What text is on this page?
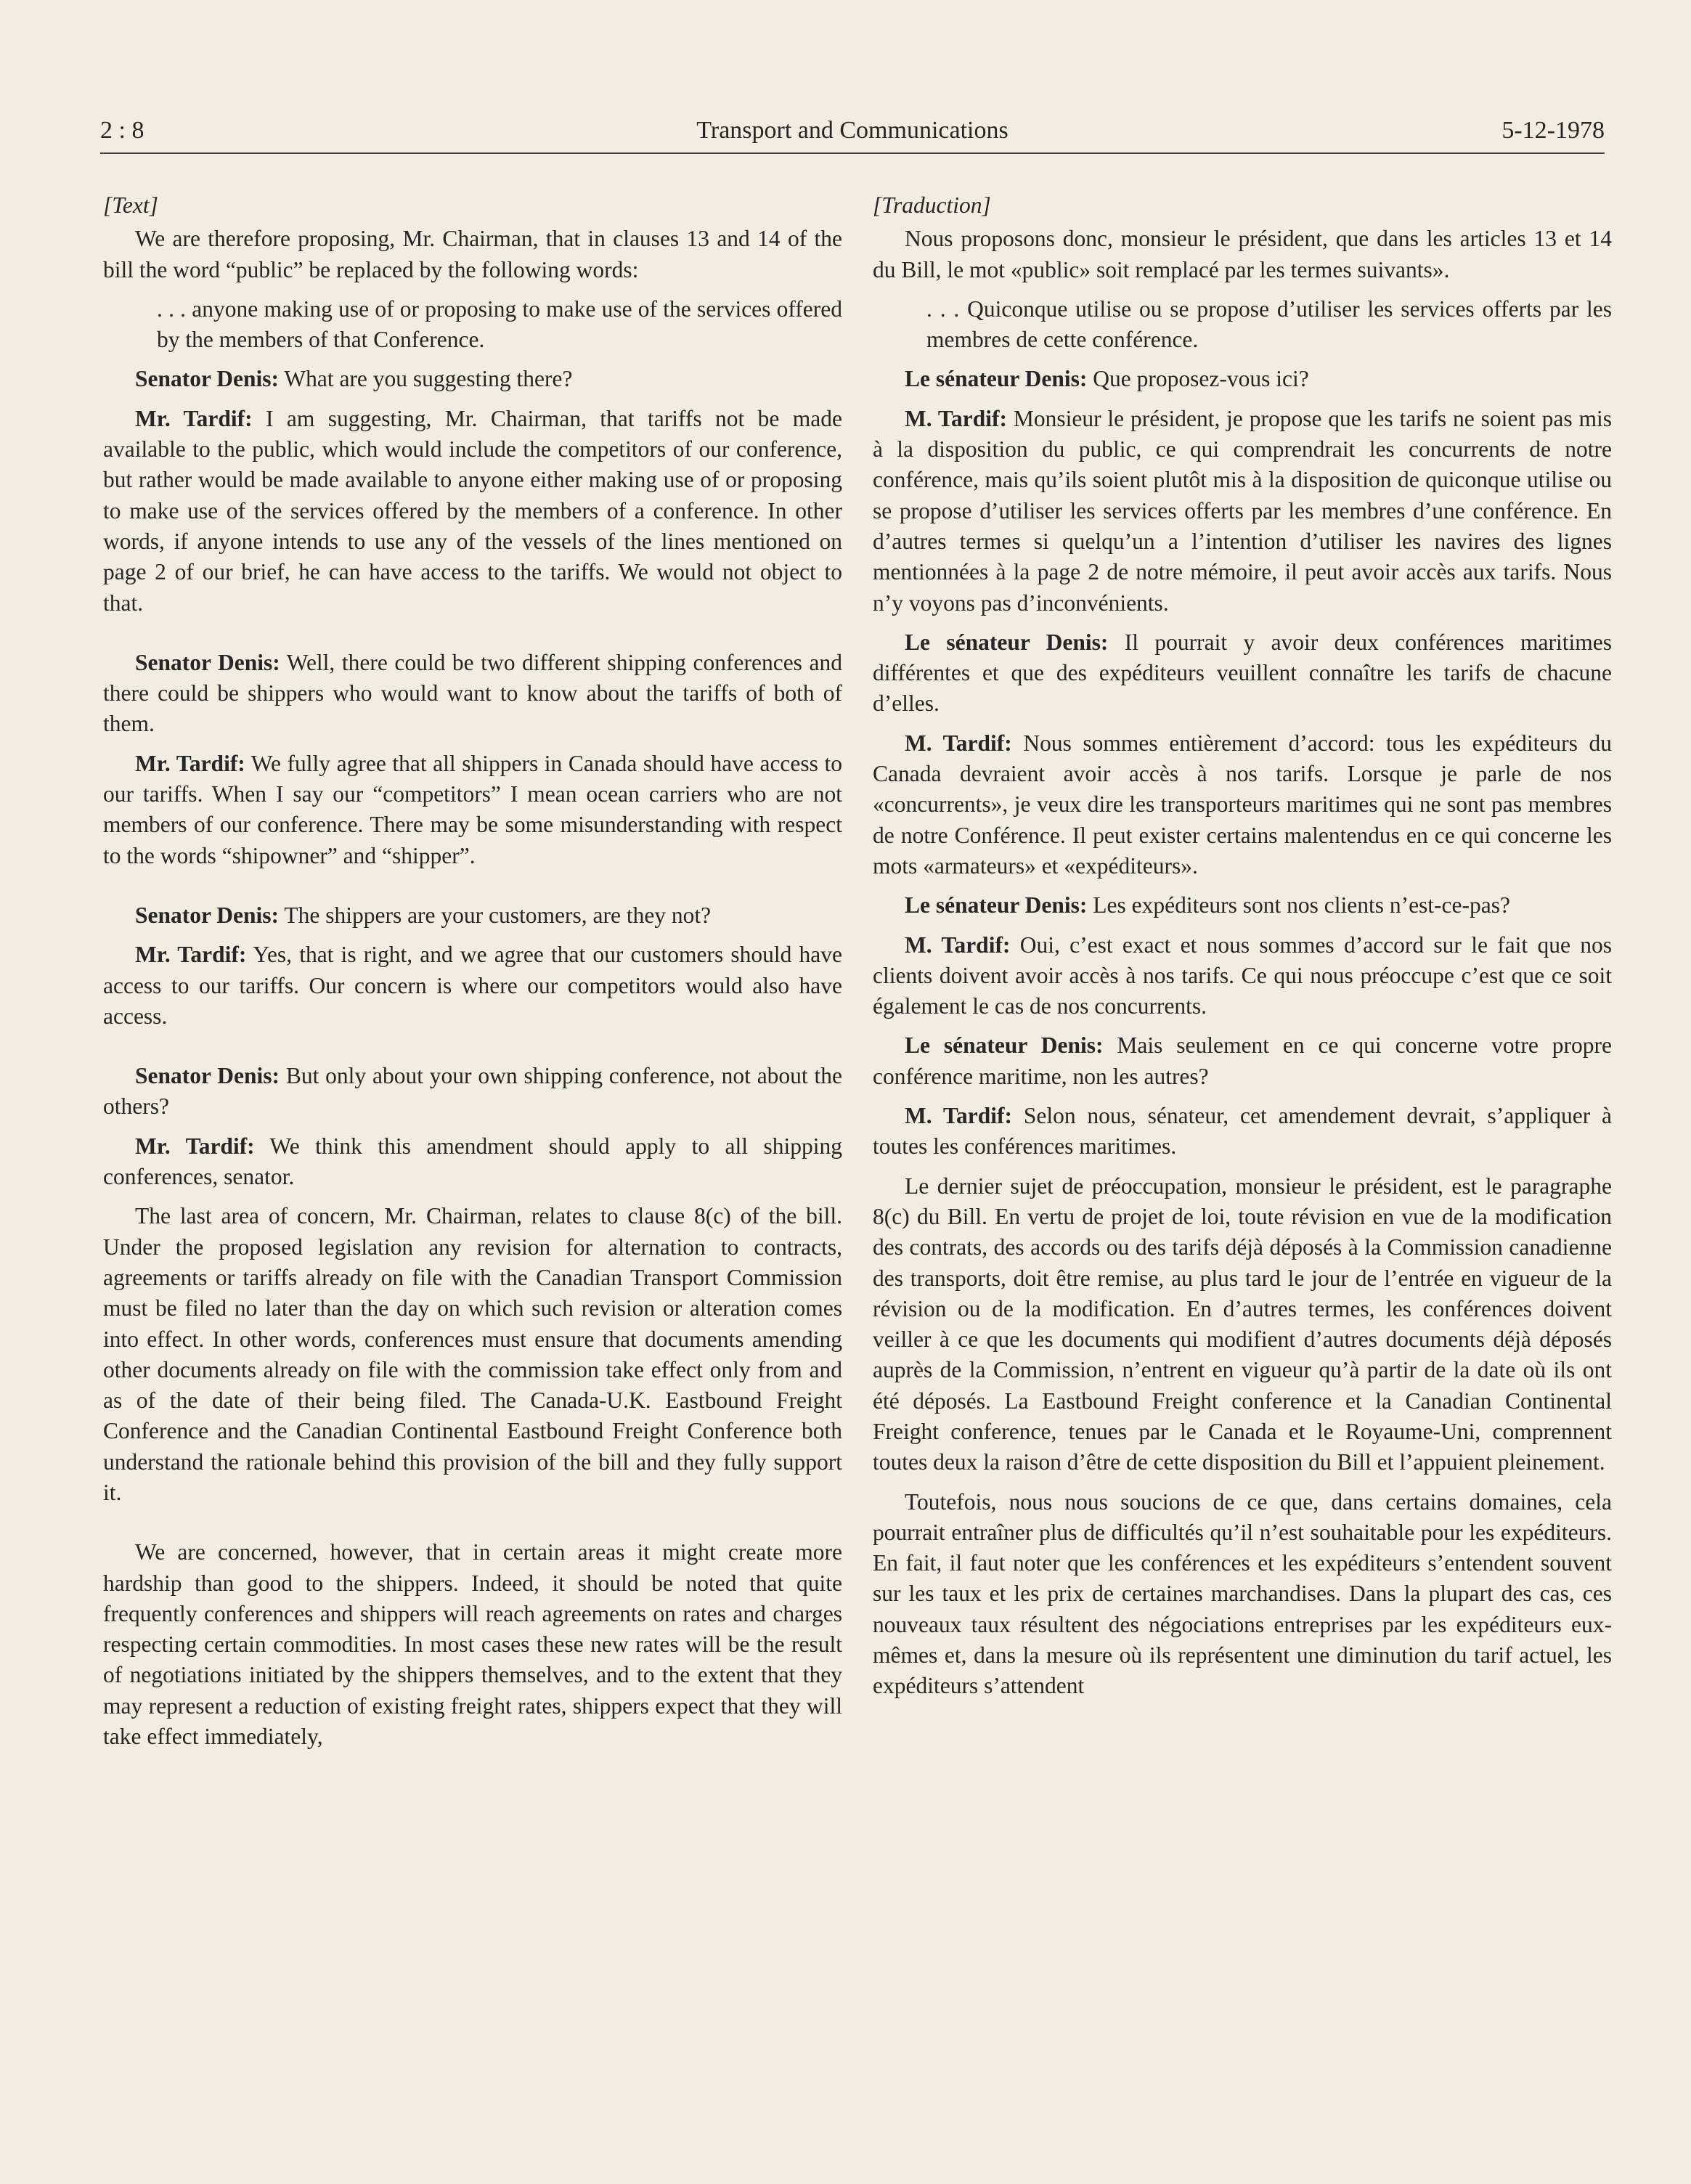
2 : 8	Transport and Communications	5-12-1978

[Text]

We are therefore proposing, Mr. Chairman, that in clauses 13 and 14 of the bill the word “public” be replaced by the following words:

. . . anyone making use of or proposing to make use of the services offered by the members of that Conference.

Senator Denis: What are you suggesting there?

Mr. Tardif: I am suggesting, Mr. Chairman, that tariffs not be made available to the public, which would include the competitors of our conference, but rather would be made available to anyone either making use of or proposing to make use of the services offered by the members of a conference. In other words, if anyone intends to use any of the vessels of the lines mentioned on page 2 of our brief, he can have access to the tariffs. We would not object to that.

Senator Denis: Well, there could be two different shipping conferences and there could be shippers who would want to know about the tariffs of both of them.

Mr. Tardif: We fully agree that all shippers in Canada should have access to our tariffs. When I say our “competitors” I mean ocean carriers who are not members of our conference. There may be some misunderstanding with respect to the words “shipowner” and “shipper”.

Senator Denis: The shippers are your customers, are they not?

Mr. Tardif: Yes, that is right, and we agree that our customers should have access to our tariffs. Our concern is where our competitors would also have access.

Senator Denis: But only about your own shipping conference, not about the others?

Mr. Tardif: We think this amendment should apply to all shipping conferences, senator.

The last area of concern, Mr. Chairman, relates to clause 8(c) of the bill. Under the proposed legislation any revision for alternation to contracts, agreements or tariffs already on file with the Canadian Transport Commission must be filed no later than the day on which such revision or alteration comes into effect. In other words, conferences must ensure that documents amending other documents already on file with the commission take effect only from and as of the date of their being filed. The Canada-U.K. Eastbound Freight Conference and the Canadian Continental Eastbound Freight Conference both understand the rationale behind this provision of the bill and they fully support it.

We are concerned, however, that in certain areas it might create more hardship than good to the shippers. Indeed, it should be noted that quite frequently conferences and shippers will reach agreements on rates and charges respecting certain commodities. In most cases these new rates will be the result of negotiations initiated by the shippers themselves, and to the extent that they may represent a reduction of existing freight rates, shippers expect that they will take effect immediately,

[Traduction]

Nous proposons donc, monsieur le président, que dans les articles 13 et 14 du Bill, le mot «public» soit remplacé par les termes suivants».

. . . Quiconque utilise ou se propose d’utiliser les services offerts par les membres de cette conférence.

Le sénateur Denis: Que proposez-vous ici?

M. Tardif: Monsieur le président, je propose que les tarifs ne soient pas mis à la disposition du public, ce qui comprendrait les concurrents de notre conférence, mais qu’ils soient plutôt mis à la disposition de quiconque utilise ou se propose d’utiliser les services offerts par les membres d’une conférence. En d’autres termes si quelqu’un a l’intention d’utiliser les navires des lignes mentionnées à la page 2 de notre mémoire, il peut avoir accès aux tarifs. Nous n’y voyons pas d’inconvénients.

Le sénateur Denis: Il pourrait y avoir deux conférences maritimes différentes et que des expéditeurs veuillent connaître les tarifs de chacune d’elles.

M. Tardif: Nous sommes entièrement d’accord: tous les expéditeurs du Canada devraient avoir accès à nos tarifs. Lorsque je parle de nos «concurrents», je veux dire les transporteurs maritimes qui ne sont pas membres de notre Conférence. Il peut exister certains malentendus en ce qui concerne les mots «armateurs» et «expéditeurs».

Le sénateur Denis: Les expéditeurs sont nos clients n’est-ce-pas?

M. Tardif: Oui, c’est exact et nous sommes d’accord sur le fait que nos clients doivent avoir accès à nos tarifs. Ce qui nous préoccupe c’est que ce soit également le cas de nos concurrents.

Le sénateur Denis: Mais seulement en ce qui concerne votre propre conférence maritime, non les autres?

M. Tardif: Selon nous, sénateur, cet amendement devrait, s’appliquer à toutes les conférences maritimes.

Le dernier sujet de préoccupation, monsieur le président, est le paragraphe 8(c) du Bill. En vertu de projet de loi, toute révision en vue de la modification des contrats, des accords ou des tarifs déjà déposés à la Commission canadienne des transports, doit être remise, au plus tard le jour de l’entrée en vigueur de la révision ou de la modification. En d’autres termes, les conférences doivent veiller à ce que les documents qui modifient d’autres documents déjà déposés auprès de la Commission, n’entrent en vigueur qu’à partir de la date où ils ont été déposés. La Eastbound Freight conference et la Canadian Continental Freight conference, tenues par le Canada et le Royaume-Uni, comprennent toutes deux la raison d’être de cette disposition du Bill et l’appuient pleinement.

Toutefois, nous nous soucions de ce que, dans certains domaines, cela pourrait entraîner plus de difficultés qu’il n’est souhaitable pour les expéditeurs. En fait, il faut noter que les conférences et les expéditeurs s’entendent souvent sur les taux et les prix de certaines marchandises. Dans la plupart des cas, ces nouveaux taux résultent des négociations entreprises par les expéditeurs eux-mêmes et, dans la mesure où ils représentent une diminution du tarif actuel, les expéditeurs s’attendent
